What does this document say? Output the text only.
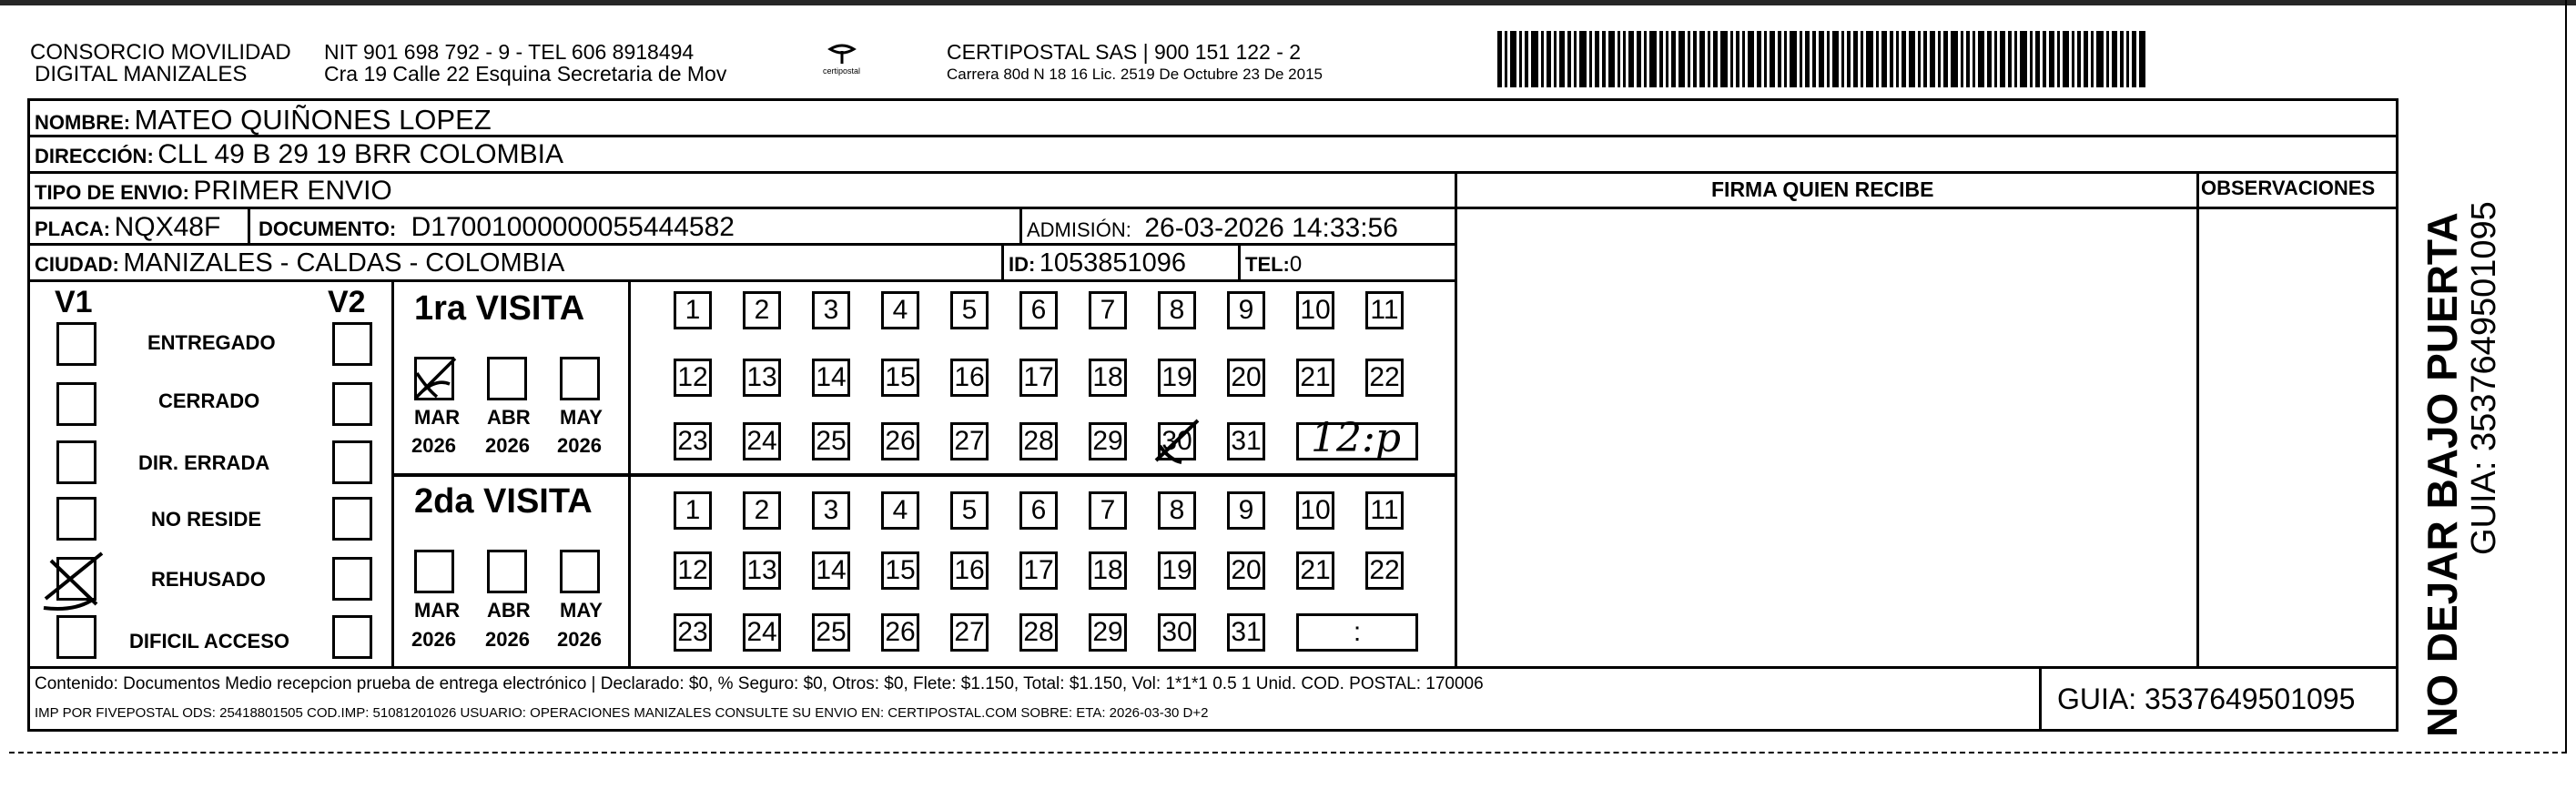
CONSORCIO MOVILIDAD
DIGITAL MANIZALES
NIT 901 698 792 - 9 - TEL 606 8918494
Cra 19 Calle 22 Esquina Secretaria de Mov	certipostal
CERTIPOSTAL SAS | 900 151 122 - 2
Carrera 80d N 18 16 Lic. 2519 De Octubre 23 De 2015
NOMBRE: MATEO QUIÑONES LOPEZ
DIRECCIÓN: CLL 49 B 29 19 BRR COLOMBIA
TIPO DE ENVIO: PRIMER ENVIO	FIRMA QUIEN RECIBE	OBSERVACIONES
PLACA: NQX48F DOCUMENTO: D17001000000055444582	ADMISIÓN: 26-03-2026 14:33:56
CIUDAD: MANIZALES - CALDAS - COLOMBIA	ID: 1053851096	TEL:0
V1	V2
ENTREGADO
CERRADO
DIR. ERRADA
NO RESIDE
REHUSADO
DIFICIL ACCESO
1ra VISITA
MAR ABR MAY
2026 2026 2026
1	2	3	4	5	6	7	8	9	10 11
12 13 14 15 16 17 18 19 20 21 22
23 24 25 26 27 28 29 30 31 12:p
2da VISITA
MAR ABR MAY
2026 2026 2026
1	2	3	4	5	6	7	8	9	10 11
12 13 14 15 16 17 18 19 20 21 22
23 24 25 26 27 28 29 30 31	:
Contenido: Documentos Medio recepcion prueba de entrega electrónico | Declarado: $0, % Seguro: $0, Otros: $0, Flete: $1.150, Total: $1.150, Vol: 1*1*1 0.5 1 Unid. COD. POSTAL: 170006
IMP POR FIVEPOSTAL ODS: 25418801505 COD.IMP: 51081201026 USUARIO: OPERACIONES MANIZALES CONSULTE SU ENVIO EN: CERTIPOSTAL.COM SOBRE: ETA: 2026-03-30 D+2	GUIA: 3537649501095 NO DEJAR BAJO PUERTA GUIA: 3537649501095
